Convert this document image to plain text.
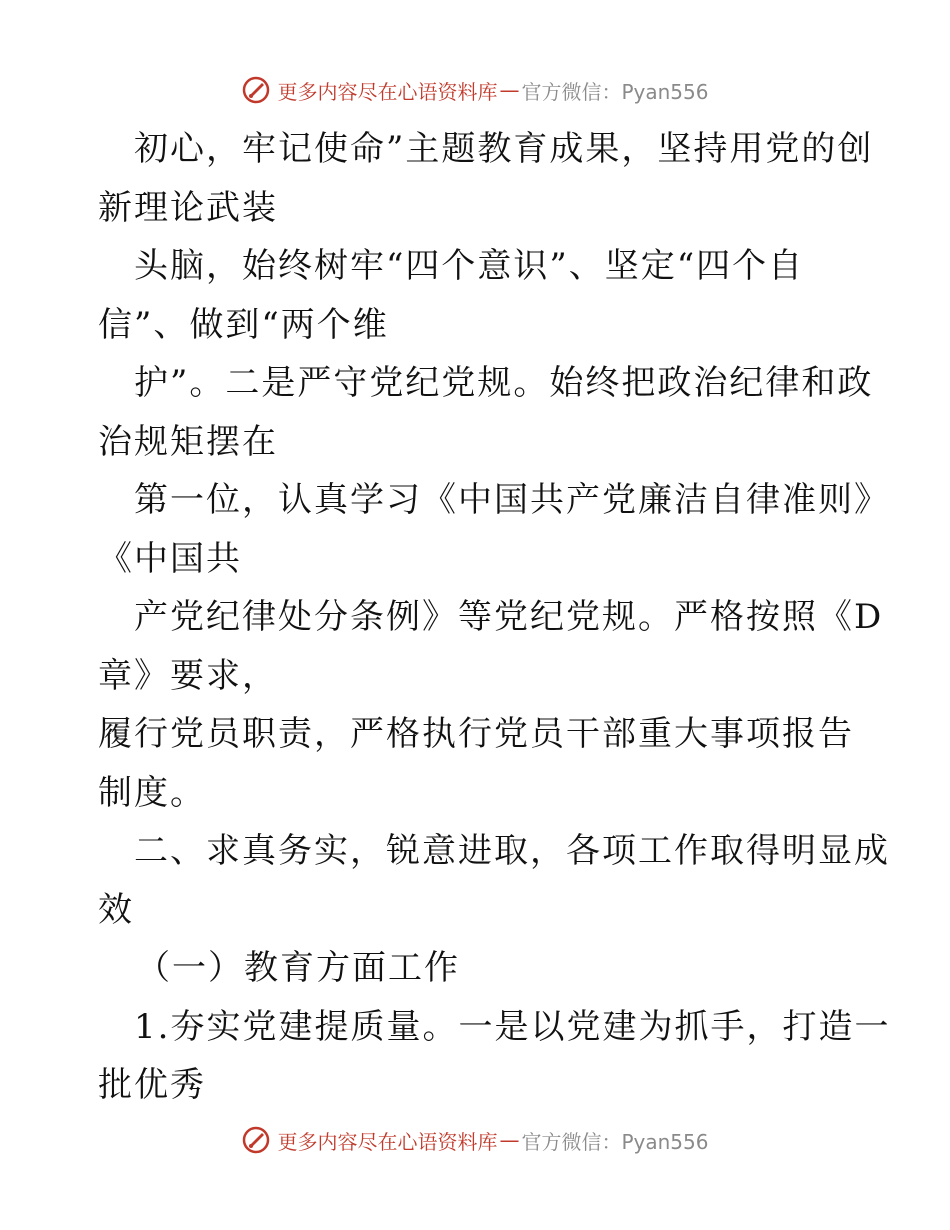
更多内容尽在心语资料库 — 官方微信：Pyan556
初心，牢记使命”主题教育成果，坚持用党的创
新理论武装
头脑，始终树牢“四个意识”、坚定“四个自
信”、做到“两个维
护”。二是严守党纪党规。始终把政治纪律和政
治规矩摆在
第一位，认真学习《中国共产党廉洁自律准则》
《中国共
产党纪律处分条例》等党纪党规。严格按照《D
章》要求，
履行党员职责，严格执行党员干部重大事项报告
制度。
二、求真务实，锐意进取，各项工作取得明显成
效
（一）教育方面工作
1.夯实党建提质量。一是以党建为抓手，打造一
批优秀
更多内容尽在心语资料库 — 官方微信：Pyan556
